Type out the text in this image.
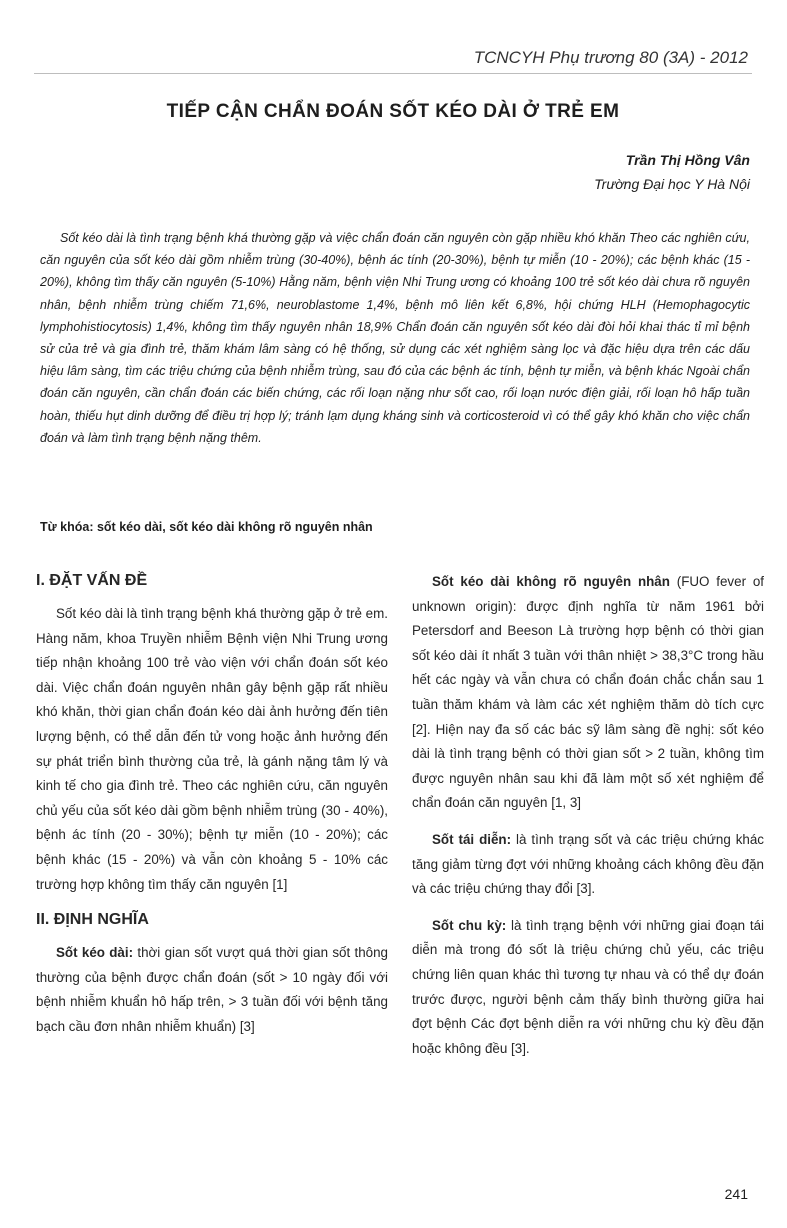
TCNCYH Phụ trương 80 (3A) - 2012
TIẾP CẬN CHẨN ĐOÁN SỐT KÉO DÀI Ở TRẺ EM
Trần Thị Hồng Vân
Trường Đại học Y Hà Nội

Sốt kéo dài là tình trạng bệnh khá thường gặp và việc chẩn đoán căn nguyên còn gặp nhiều khó khăn Theo các nghiên cứu, căn nguyên của sốt kéo dài gồm nhiễm trùng (30-40%), bệnh ác tính (20-30%), bệnh tự miễn (10 - 20%); các bệnh khác (15 - 20%), không tìm thấy căn nguyên (5-10%) Hằng năm, bệnh viện Nhi Trung ương có khoảng 100 trẻ sốt kéo dài chưa rõ nguyên nhân, bệnh nhiễm trùng chiếm 71,6%, neuroblastome 1,4%, bệnh mô liên kết 6,8%, hội chứng HLH (Hemophagocytic lymphohistiocytosis) 1,4%, không tìm thấy nguyên nhân 18,9% Chẩn đoán căn nguyên sốt kéo dài đòi hỏi khai thác tỉ mỉ bệnh sử của trẻ và gia đình trẻ, thăm khám lâm sàng có hệ thống, sử dụng các xét nghiệm sàng lọc và đặc hiệu dựa trên các dấu hiệu lâm sàng, tìm các triệu chứng của bệnh nhiễm trùng, sau đó của các bệnh ác tính, bệnh tự miễn, và bệnh khác Ngoài chẩn đoán căn nguyên, cần chẩn đoán các biến chứng, các rối loạn nặng như sốt cao, rối loạn nước điện giải, rối loạn hô hấp tuần hoàn, thiếu hụt dinh dưỡng để điều trị hợp lý; tránh lạm dụng kháng sinh và corticosteroid vì có thể gây khó khăn cho việc chẩn đoán và làm tình trạng bệnh nặng thêm.

Từ khóa: sốt kéo dài, sốt kéo dài không rõ nguyên nhân

I. ĐẶT VẤN ĐỀ

Sốt kéo dài là tình trạng bệnh khá thường gặp ở trẻ em. Hàng năm, khoa Truyền nhiễm Bệnh viện Nhi Trung ương tiếp nhận khoảng 100 trẻ vào viện với chẩn đoán sốt kéo dài. Việc chẩn đoán nguyên nhân gây bệnh gặp rất nhiều khó khăn, thời gian chẩn đoán kéo dài ảnh hưởng đến tiên lượng bệnh, có thể dẫn đến tử vong hoặc ảnh hưởng đến sự phát triển bình thường của trẻ, là gánh nặng tâm lý và kinh tế cho gia đình trẻ. Theo các nghiên cứu, căn nguyên chủ yếu của sốt kéo dài gồm bệnh nhiễm trùng (30 - 40%), bệnh ác tính (20 - 30%); bệnh tự miễn (10 - 20%); các bệnh khác (15 - 20%) và vẫn còn khoảng 5 - 10% các trường hợp không tìm thấy căn nguyên [1]

II. ĐỊNH NGHĨA

Sốt kéo dài: thời gian sốt vượt quá thời gian sốt thông thường của bệnh được chẩn đoán (sốt > 10 ngày đối với bệnh nhiễm khuẩn hô hấp trên, > 3 tuần đối với bệnh tăng bạch cầu đơn nhân nhiễm khuẩn) [3]

Sốt kéo dài không rõ nguyên nhân (FUO fever of unknown origin): được định nghĩa từ năm 1961 bởi Petersdorf and Beeson Là trường hợp bệnh có thời gian sốt kéo dài ít nhất 3 tuần với thân nhiệt > 38,3°C trong hầu hết các ngày và vẫn chưa có chẩn đoán chắc chắn sau 1 tuần thăm khám và làm các xét nghiệm thăm dò tích cực [2]. Hiện nay đa số các bác sỹ lâm sàng đề nghị: sốt kéo dài là tình trạng bệnh có thời gian sốt > 2 tuần, không tìm được nguyên nhân sau khi đã làm một số xét nghiệm để chẩn đoán căn nguyên [1, 3]

Sốt tái diễn: là tình trạng sốt và các triệu chứng khác tăng giảm từng đợt với những khoảng cách không đều đặn và các triệu chứng thay đổi [3].

Sốt chu kỳ: là tình trạng bệnh với những giai đoạn tái diễn mà trong đó sốt là triệu chứng chủ yếu, các triệu chứng liên quan khác thì tương tự nhau và có thể dự đoán trước được, người bệnh cảm thấy bình thường giữa hai đợt bệnh Các đợt bệnh diễn ra với những chu kỳ đều đặn hoặc không đều [3].

241
